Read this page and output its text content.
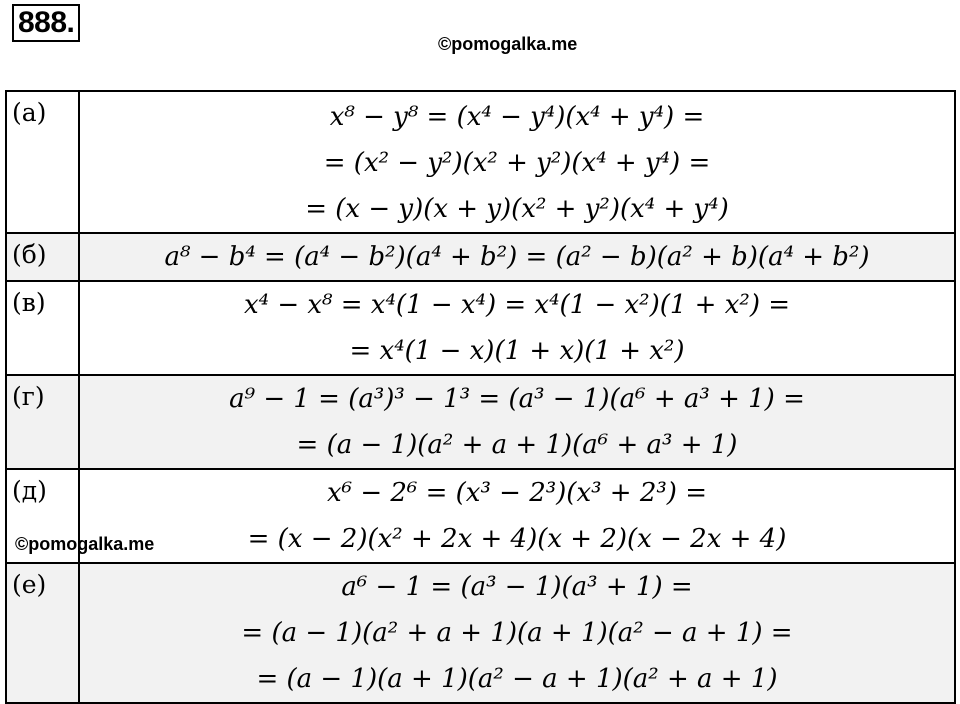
888.
©pomogalka.me
©pomogalka.me
(а)	x⁸ − y⁸ = (x⁴ − y⁴)(x⁴ + y⁴) =
= (x² − y²)(x² + y²)(x⁴ + y⁴) =
= (x − y)(x + y)(x² + y²)(x⁴ + y⁴)

(б)	a⁸ − b⁴ = (a⁴ − b²)(a⁴ + b²) = (a² − b)(a² + b)(a⁴ + b²)

(в)	x⁴ − x⁸ = x⁴(1 − x⁴) = x⁴(1 − x²)(1 + x²) =
= x⁴(1 − x)(1 + x)(1 + x²)

(г)	a⁹ − 1 = (a³)³ − 1³ = (a³ − 1)(a⁶ + a³ + 1) =
= (a − 1)(a² + a + 1)(a⁶ + a³ + 1)

(д)	x⁶ − 2⁶ = (x³ − 2³)(x³ + 2³) =
= (x − 2)(x² + 2x + 4)(x + 2)(x − 2x + 4)

(е)	a⁶ − 1 = (a³ − 1)(a³ + 1) =
= (a − 1)(a² + a + 1)(a + 1)(a² − a + 1) =
= (a − 1)(a + 1)(a² − a + 1)(a² + a + 1)
